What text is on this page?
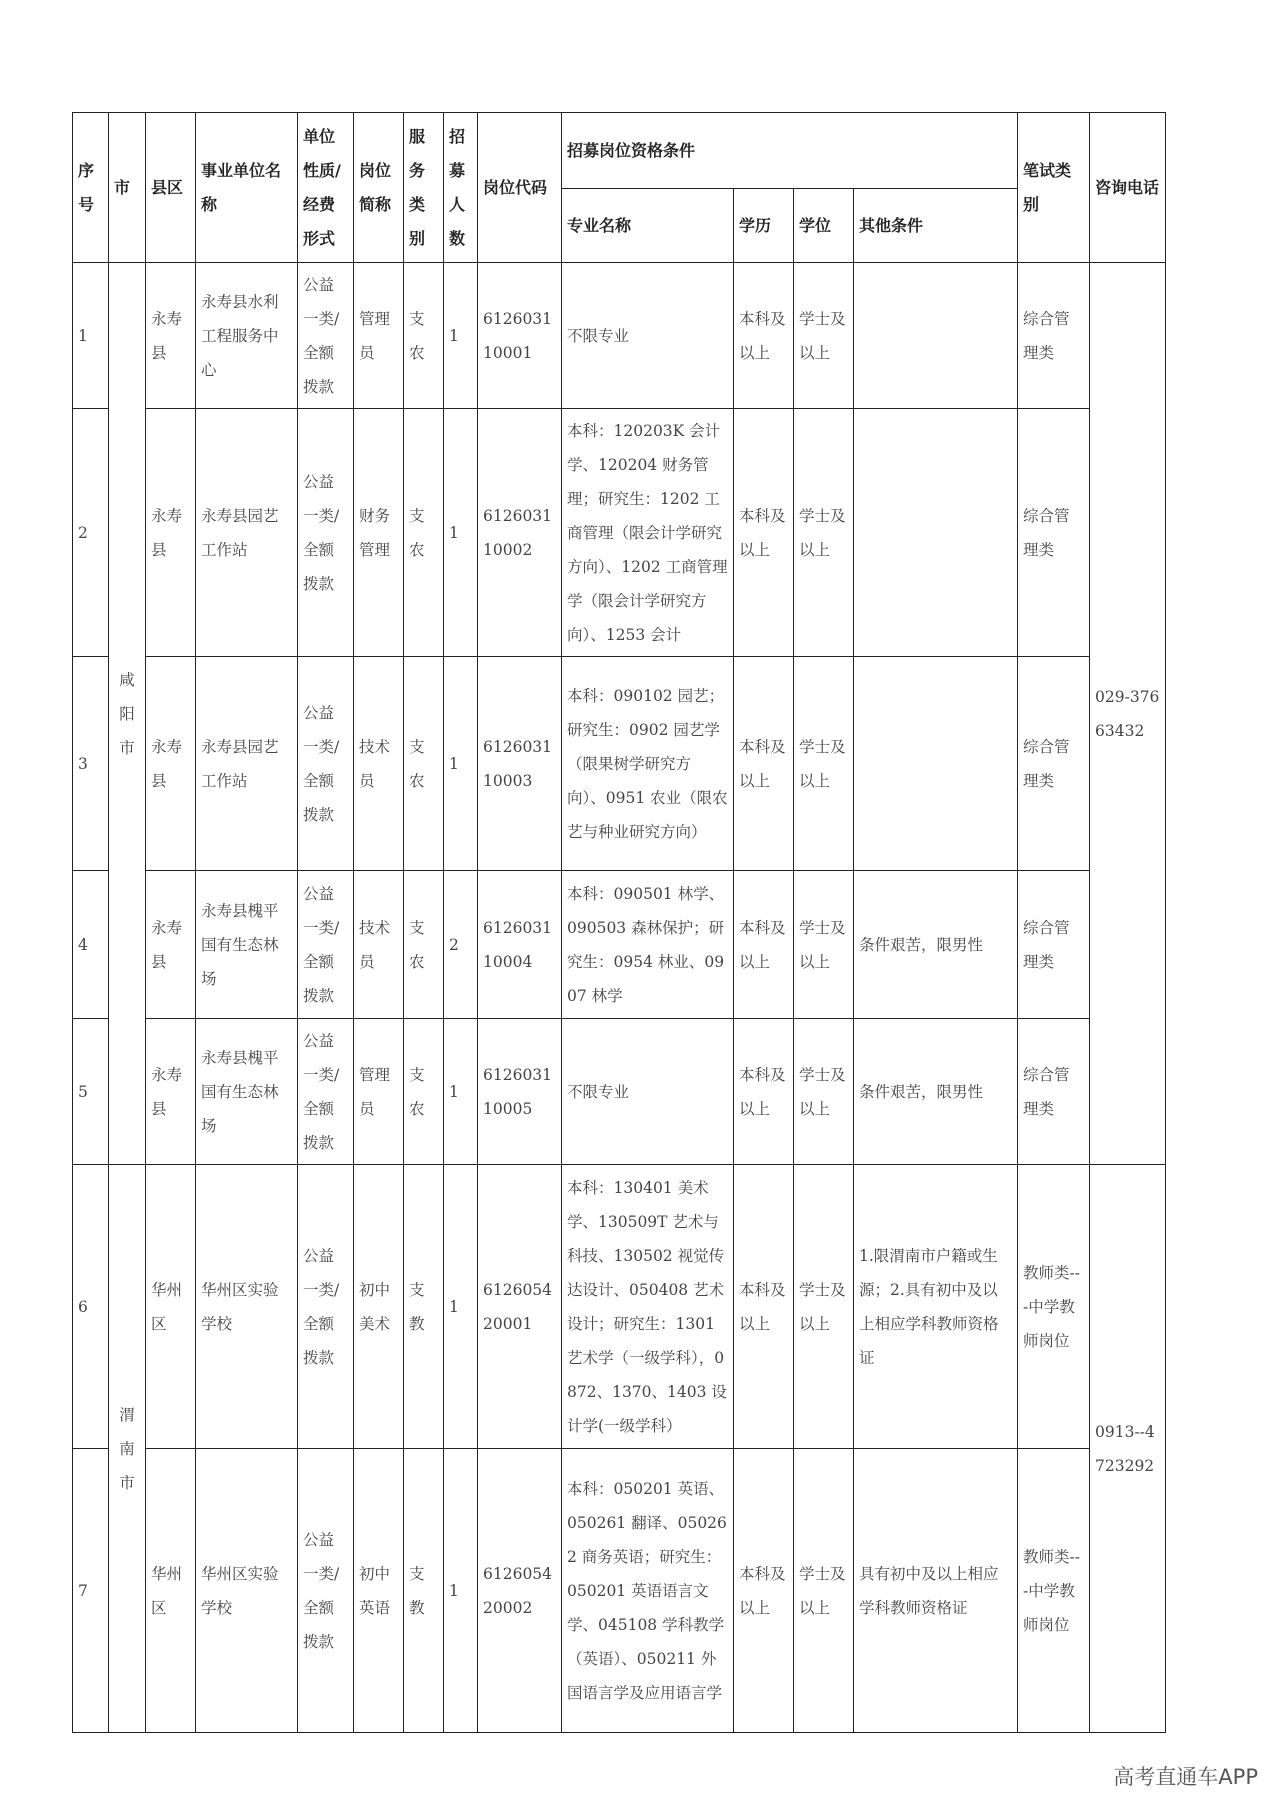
序号	市	县区	事业单位名称	单位性质/经费形式	岗位简称	服务类别	招募人数	岗位代码	招募岗位资格条件				笔试类别	咨询电话
									专业名称	学历	学位	其他条件		
1	咸阳市	永寿县	永寿县水利工程服务中心	公益一类/全额拨款	管理员	支农	1	612603110001	不限专业	本科及以上	学士及以上		综合管理类	029-37663432
2		永寿县	永寿县园艺工作站	公益一类/全额拨款	财务管理	支农	1	612603110002	本科：120203K 会计学、120204 财务管理；研究生：1202 工商管理（限会计学研究方向）、1202 工商管理学（限会计学研究方向）、1253 会计	本科及以上	学士及以上		综合管理类	
3		永寿县	永寿县园艺工作站	公益一类/全额拨款	技术员	支农	1	612603110003	本科：090102 园艺；研究生：0902 园艺学（限果树学研究方向）、0951 农业（限农艺与种业研究方向）	本科及以上	学士及以上		综合管理类	
4		永寿县	永寿县槐平国有生态林场	公益一类/全额拨款	技术员	支农	2	612603110004	本科：090501 林学、090503 森林保护；研究生：0954 林业、0907 林学	本科及以上	学士及以上	条件艰苦，限男性	综合管理类	
5		永寿县	永寿县槐平国有生态林场	公益一类/全额拨款	管理员	支农	1	612603110005	不限专业	本科及以上	学士及以上	条件艰苦，限男性	综合管理类	
6	渭南市	华州区	华州区实验学校	公益一类/全额拨款	初中美术	支教	1	612605420001	本科：130401 美术学、130509T 艺术与科技、130502 视觉传达设计、050408 艺术设计；研究生：1301 艺术学（一级学科），0872、1370、1403 设计学(一级学科）	本科及以上	学士及以上	1.限渭南市户籍或生源；2.具有初中及以上相应学科教师资格证	教师类---中学教师岗位	0913--4723292
7		华州区	华州区实验学校	公益一类/全额拨款	初中英语	支教	1	612605420002	本科：050201 英语、050261 翻译、050262 商务英语；研究生：050201 英语语言文学、045108 学科教学（英语）、050211 外国语言学及应用语言学	本科及以上	学士及以上	具有初中及以上相应学科教师资格证	教师类---中学教师岗位	
高考直通车APP
